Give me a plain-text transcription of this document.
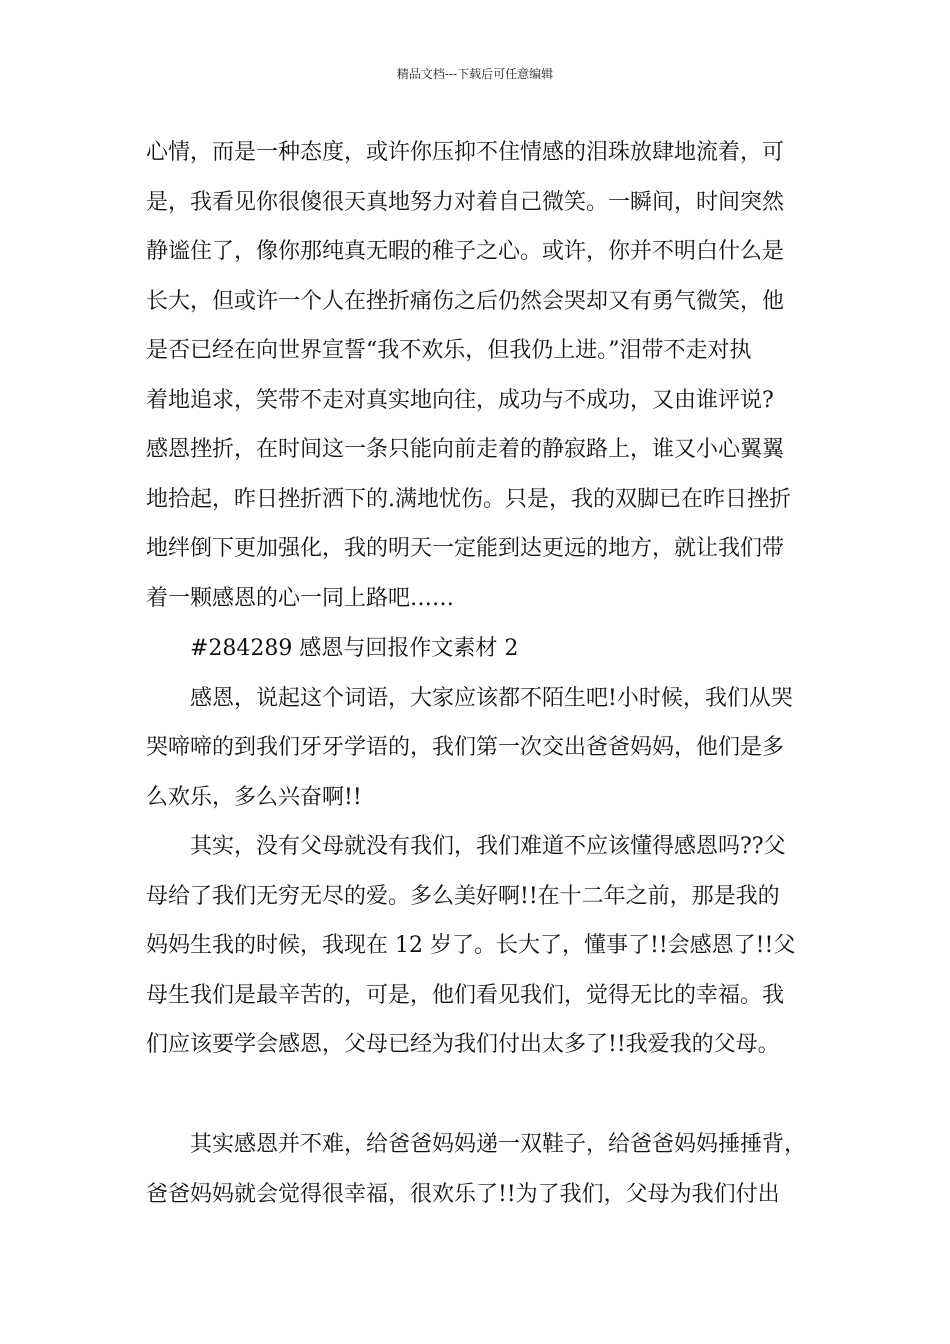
精品文档---下载后可任意编辑
心情，而是一种态度，或许你压抑不住情感的泪珠放肆地流着，可
是，我看见你很傻很天真地努力对着自己微笑。一瞬间，时间突然
静谧住了，像你那纯真无暇的稚子之心。或许，你并不明白什么是
长大，但或许一个人在挫折痛伤之后仍然会哭却又有勇气微笑，他
是否已经在向世界宣誓“我不欢乐，但我仍上进。”泪带不走对执
着地追求，笑带不走对真实地向往，成功与不成功，又由谁评说?
感恩挫折，在时间这一条只能向前走着的静寂路上，谁又小心翼翼
地拾起，昨日挫折洒下的.满地忧伤。只是，我的双脚已在昨日挫折
地绊倒下更加强化，我的明天一定能到达更远的地方，就让我们带
着一颗感恩的心一同上路吧……
#284289 感恩与回报作文素材 2
感恩，说起这个词语，大家应该都不陌生吧!小时候，我们从哭
哭啼啼的到我们牙牙学语的，我们第一次交出爸爸妈妈，他们是多
么欢乐，多么兴奋啊!!
其实，没有父母就没有我们，我们难道不应该懂得感恩吗??父
母给了我们无穷无尽的爱。多么美好啊!!在十二年之前，那是我的
妈妈生我的时候，我现在 12 岁了。长大了，懂事了!!会感恩了!!父
母生我们是最辛苦的，可是，他们看见我们，觉得无比的幸福。我
们应该要学会感恩，父母已经为我们付出太多了!!我爱我的父母。
其实感恩并不难，给爸爸妈妈递一双鞋子，给爸爸妈妈捶捶背，
爸爸妈妈就会觉得很幸福，很欢乐了!!为了我们，父母为我们付出
